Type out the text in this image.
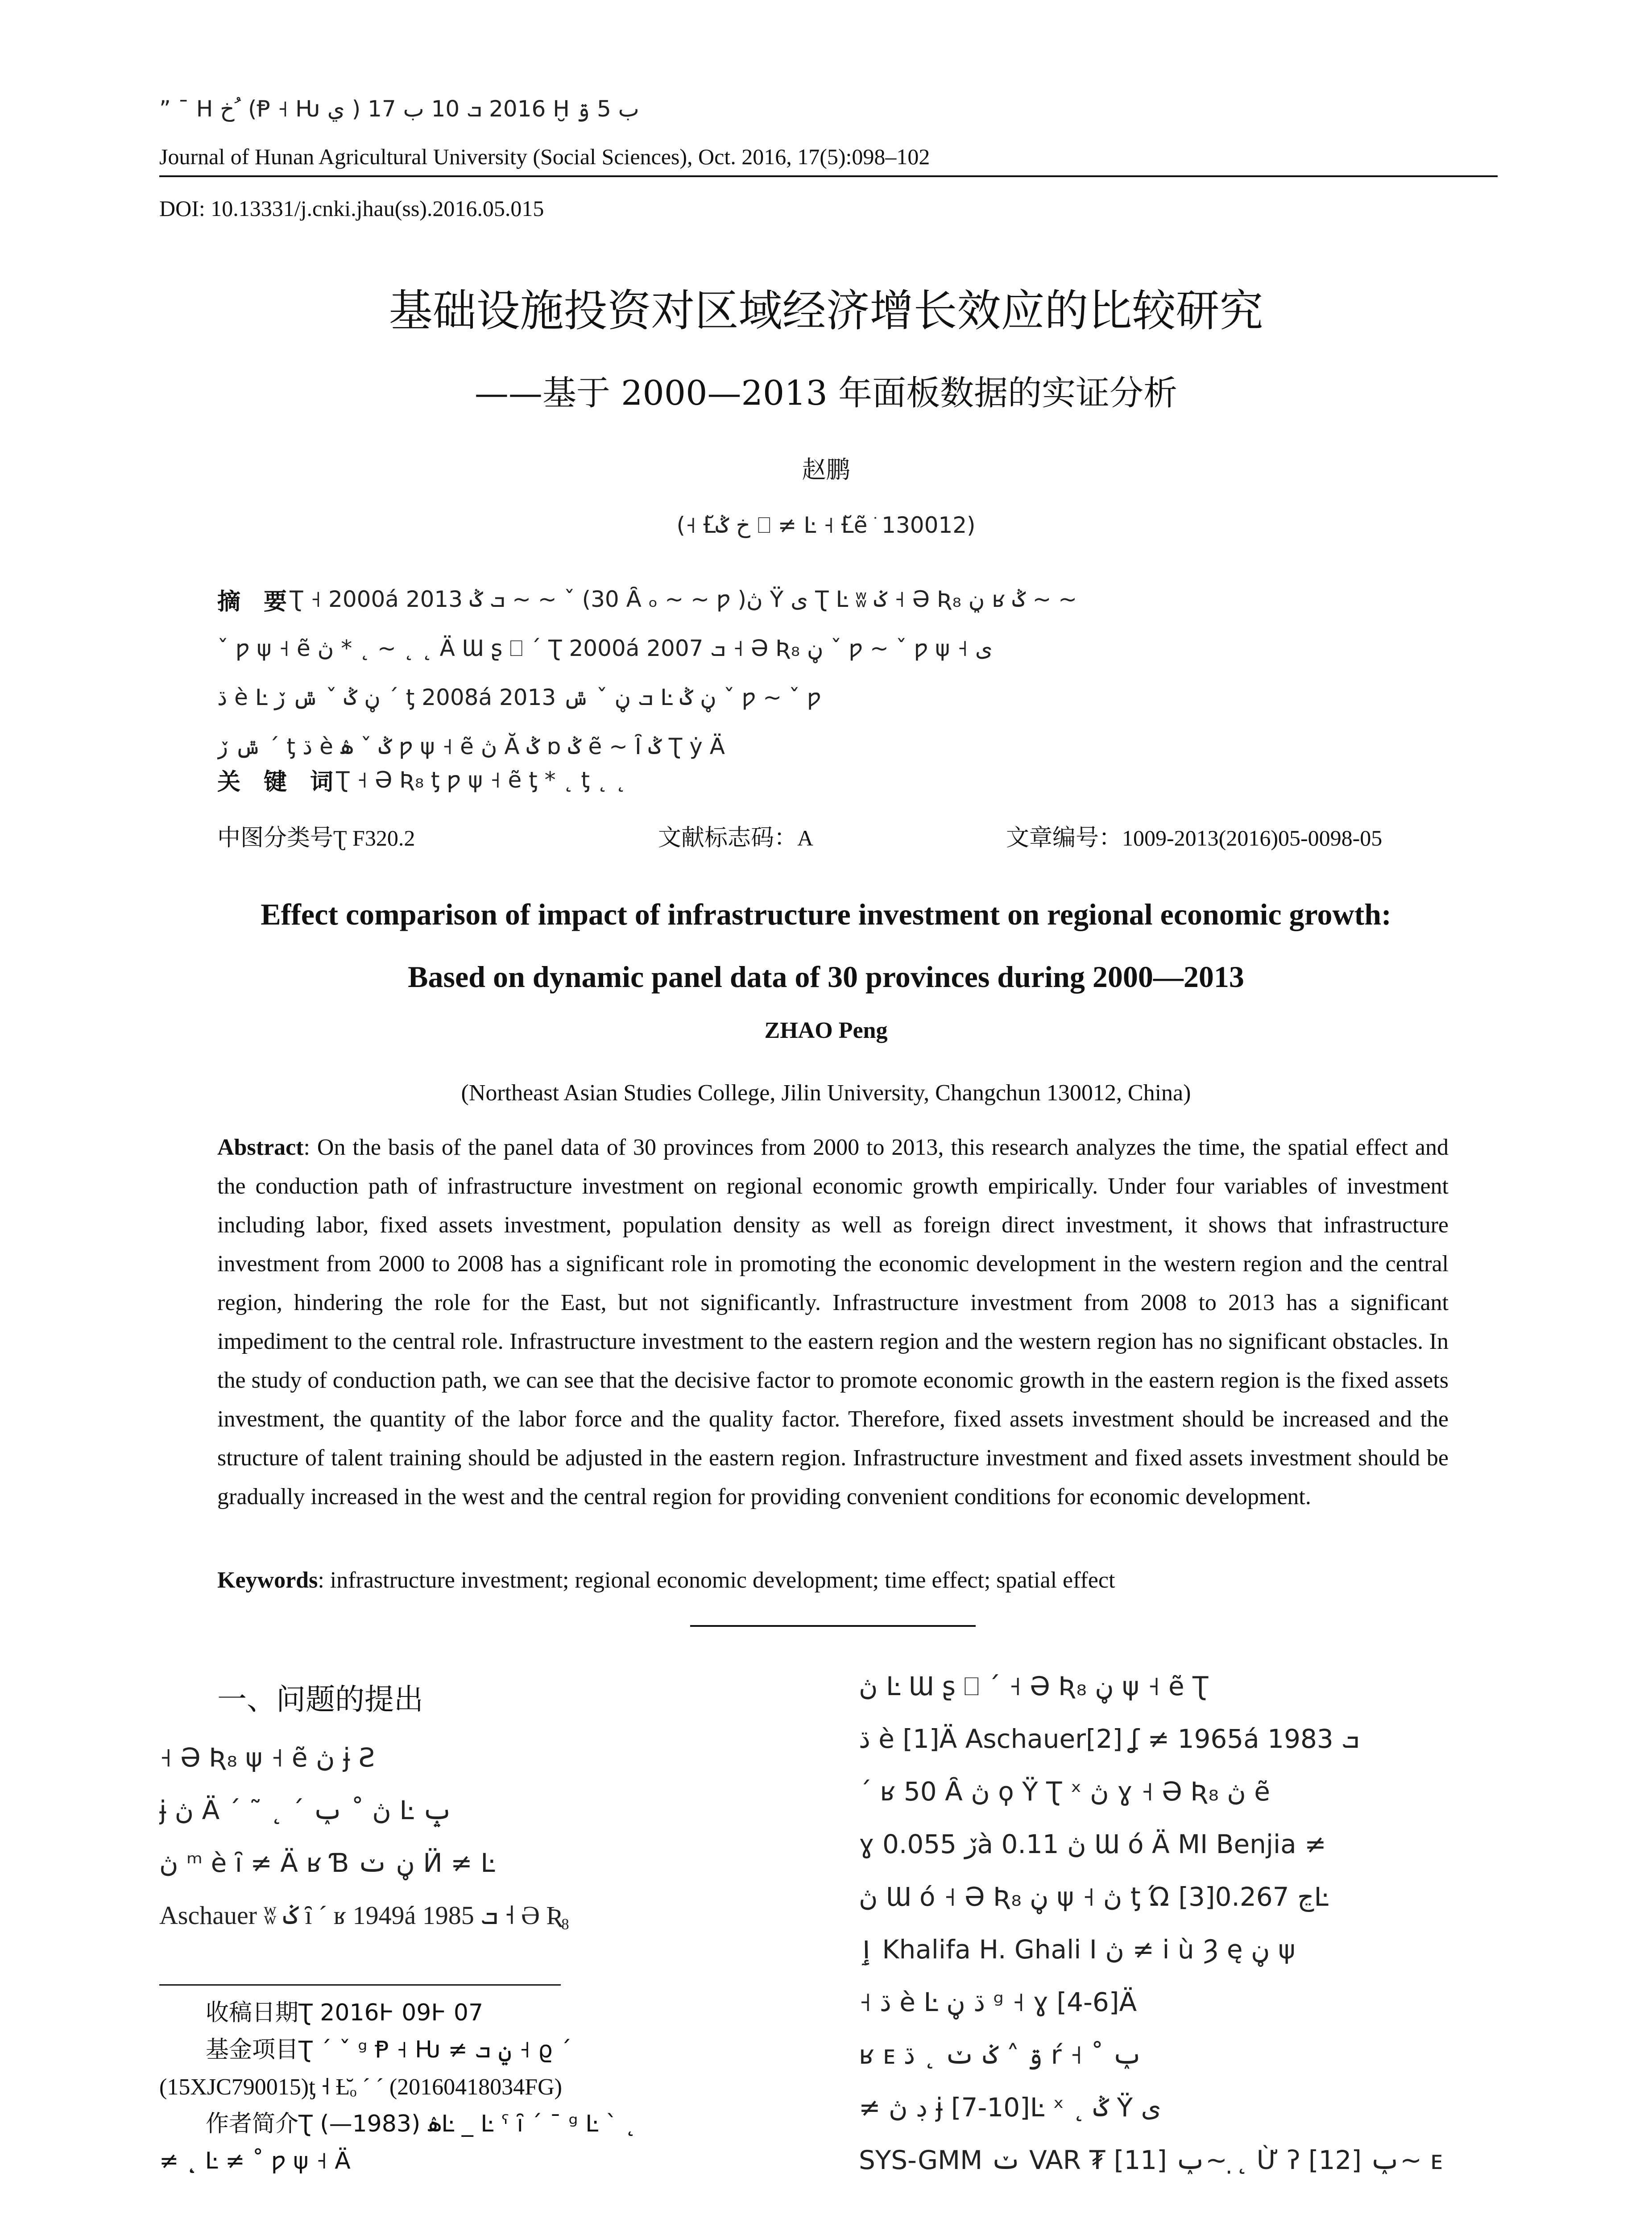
” ¯ H خ ُ (Ᵽ ˧ Ƕ ي ) 2016 ܒ 10 ب 17 Ḫ ب 5 ۊ
Journal of Hunan Agricultural University (Social Sciences), Oct. 2016, 17(5):098–102
DOI: 10.13331/j.cnki.jhau(ss).2016.05.015
基础设施投资对区域经济增长效应的比较研究
——基于 2000—2013 年面板数据的实证分析
赵鹏
(˧ Ƚ̆خ ݣ ⎕ ≠ Ŀ ˧ Ƚ̆ẽ ֹ 130012)
摘　要 Ʈ ˧ 2000á 2013 ܒ ݣ ~ ~ ˇ (30 Ȃ ₒ ~ ~ ƿ )ڽ Ÿ ی Ʈ Ŀ ʬ ݢ ˧ Ə Ʀ₈ ڼ ʁ ݣ ~ ~
ˇ ƿ ψ ˧ ẽ ڽ * ˛ ~ ˛ ˛ Ä Ɯ ʂ ⎕ ˊ Ʈ 2000á 2007 ܒ ˧ Ə Ʀ₈ ڼ ˇ ƿ ~ ˇ ƿ ψ ˧ ی
ڌ è Ŀ ڼ ݣ ˇ ݜ ڒ ˊ ƫ 2008á 2013 ܒ ڼ ˇ ݜ Ŀ ڼ ݣ ˇ ƿ ~ ˇ ƿ
ݜ ڒ ˊ ƫ ڌ è ݣ ˇ ۿ ƿ ψ ˧ ẽ ڽ Ă ݣ ɒ ݣ ẽ ~ Ȋ ݣ Ʈ ẏ Ä
关　键　词 Ʈ ˧ Ə Ʀ₈ ƫ ƿ ψ ˧ ẽ ƫ * ˛ ƫ ˛ ˛
中图分类号Ʈ F320.2	文献标志码：A	文章编号：1009-2013(2016)05-0098-05
Effect comparison of impact of infrastructure investment on regional economic growth:
Based on dynamic panel data of 30 provinces during 2000—2013
ZHAO Peng
(Northeast Asian Studies College, Jilin University, Changchun 130012, China)
Abstract: On the basis of the panel data of 30 provinces from 2000 to 2013, this research analyzes the time, the spatial effect and the conduction path of infrastructure investment on regional economic growth empirically. Under four variables of investment including labor, fixed assets investment, population density as well as foreign direct investment, it shows that infrastructure investment from 2000 to 2008 has a significant role in promoting the economic development in the western region and the central region, hindering the role for the East, but not significantly. Infrastructure investment from 2008 to 2013 has a significant impediment to the central role. Infrastructure investment to the eastern region and the western region has no significant obstacles. In the study of conduction path, we can see that the decisive factor to promote economic growth in the eastern region is the fixed assets investment, the quantity of the labor force and the quality factor. Therefore, fixed assets investment should be increased and the structure of talent training should be adjusted in the eastern region. Infrastructure investment and fixed assets investment should be gradually increased in the west and the central region for providing convenient conditions for economic development.
Keywords: infrastructure investment; regional economic development; time effect; spatial effect
一、问题的提出
˧ Ə Ʀ₈ ψ ˧ ẽ ڽ ɉ Ƨ
ɉ ڽ Ä ˊ ˜ ˛ ˊ ڽ ˚ ݕ Ŀ ݒ
ڽ ᵐ è ȋ ≠ Ä ʁ Ɓ ڼ ݖ Ӥ ≠ Ŀ
Aschauer ʬ ݢ ȋ ˊ ʁ 1949á 1985 ܒ ˧ Ə Ʀ₈
　　收稿日期Ʈ 2016Ͱ 09Ͱ 07
　　基金项目Ʈ ˊ ˇ ᵍ Ᵽ ˧ Ƕ ≠ ݧ ܒ ˧ ϱ ˊ
(15XJC790015)ƫ ˧ Ƚ̆ₒ ˊ ˊ (20160418034FG)
　　作者简介Ʈ ۿ (1983—)Ŀ _ Ŀ ˁ ȋ ˊ ¯ ᵍ Ŀ ˋ ˛
≠ ˛̣ Ŀ ≠ ˚ ƿ ψ ˧ Ä
ڽ Ŀ Ɯ ʂ ⎕ ˊ ˧ Ə Ʀ₈ ڼ ψ ˧ ẽ Ʈ
ڌ è [1]Ä Aschauer[2] ʆ ≠ 1965á 1983 ܒ
ˊ ʁ 50 Ȃ ڽ ϙ Ÿ Ʈ ˣ ڽ ɣ ˧ Ə Ʀ₈ ڽ ẽ
ɣ ڒ 0.055à 0.11 ڽ Ɯ ó Ä MI Benjia ≠
ڽ Ɯ ó ˧ Ə Ʀ₈ ڼ ψ ˧ ڽ ƫ Ώ ڃ 0.267[3]Ŀ
ٳ Khalifa H. Ghali I ڽ ≠ ⅰ ù Ȝ ę ڼ ψ
˧ ڌ è Ŀ ڌ ڼ ᵍ ˧ ɣ [4-6]Ä
ʁ ᴇ ۊ ˄ ݢ ݖ ˛ ڌ ŕ ˧ ˚ ݕ
≠ ڊ ڽ ɉ [7-10]Ŀ ˣ ˛ ݣ Ÿ ی
SYS-GMM ݖ VAR ₮ ݕ [11]~ ˛̣ Ừ ʔ ݕ [12]~ ᴇ
